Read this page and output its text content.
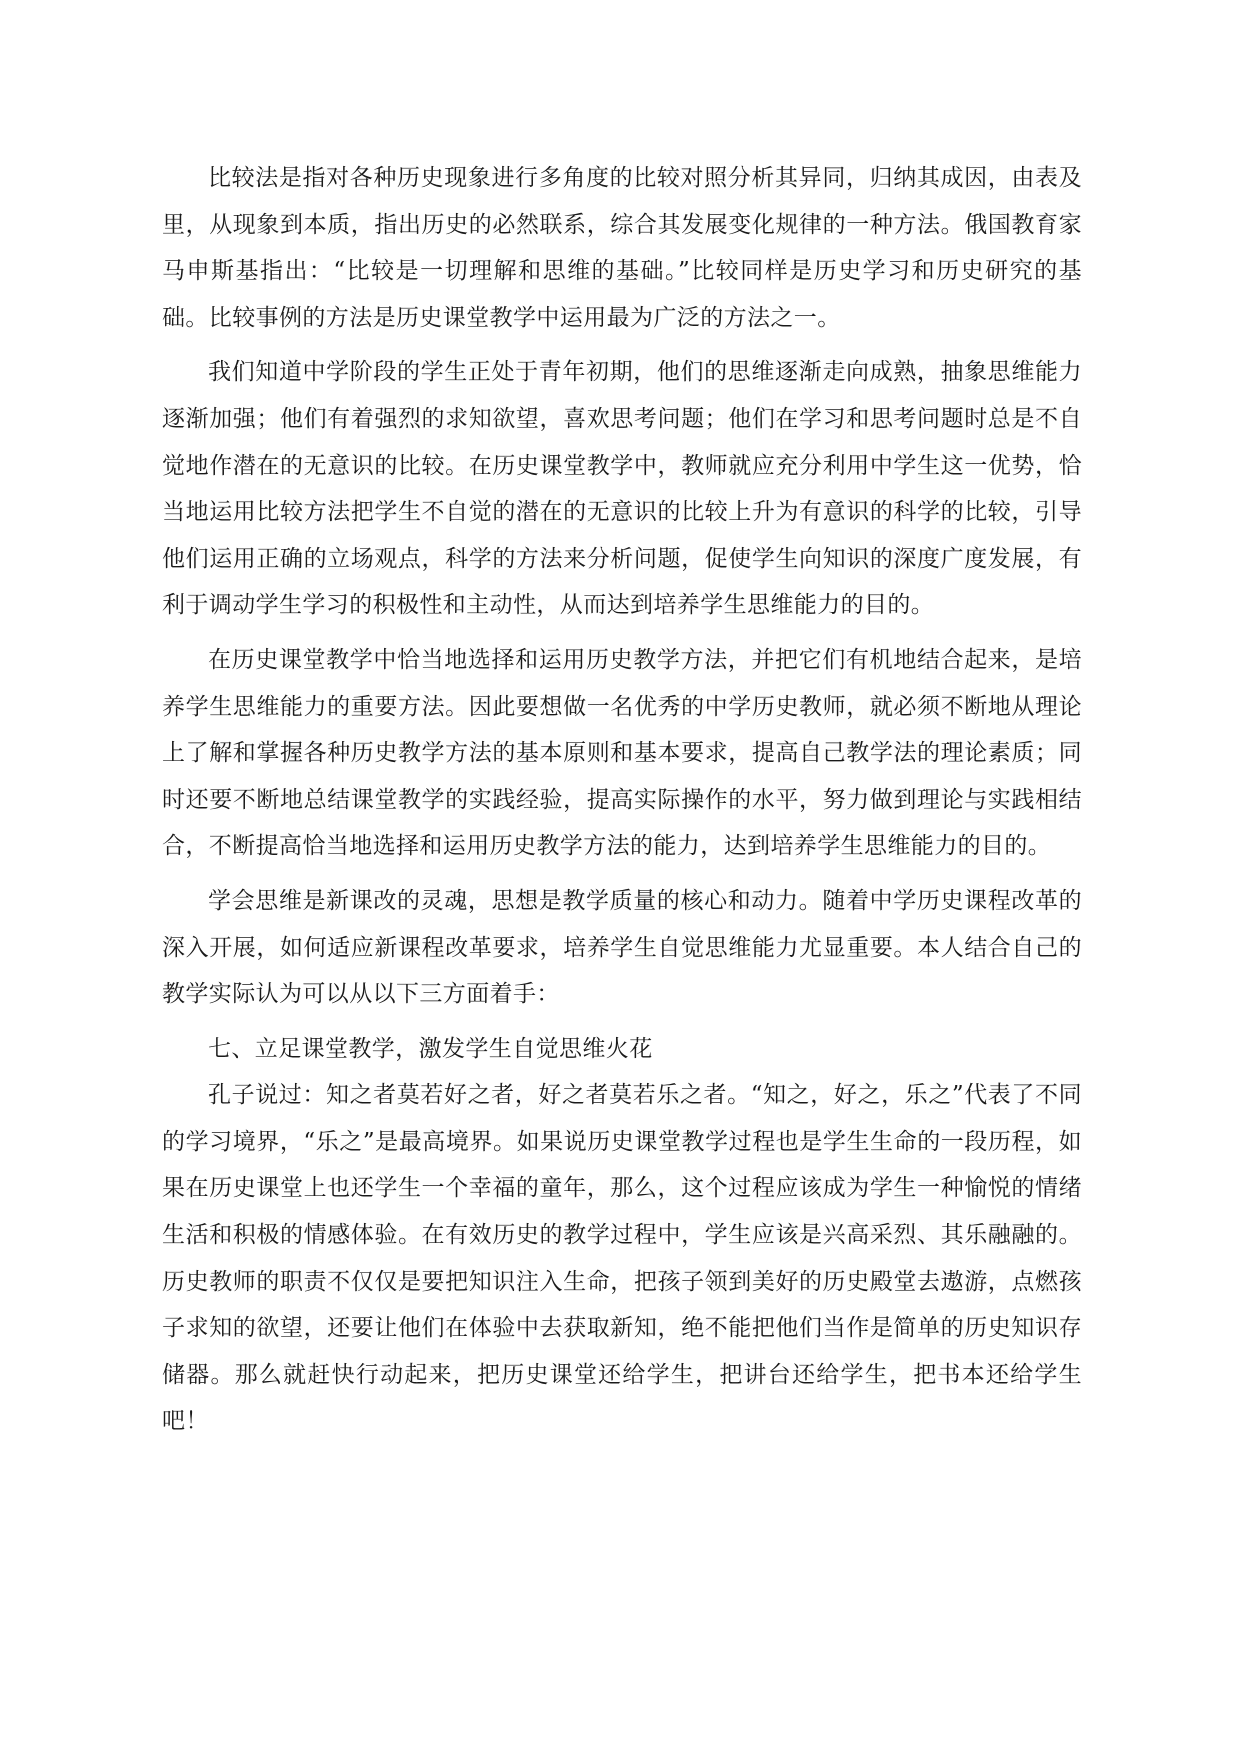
比较法是指对各种历史现象进行多角度的比较对照分析其异同，归纳其成因，由表及里，从现象到本质，指出历史的必然联系，综合其发展变化规律的一种方法。俄国教育家马申斯基指出：“比较是一切理解和思维的基础。”比较同样是历史学习和历史研究的基础。比较事例的方法是历史课堂教学中运用最为广泛的方法之一。

我们知道中学阶段的学生正处于青年初期，他们的思维逐渐走向成熟，抽象思维能力逐渐加强；他们有着强烈的求知欲望，喜欢思考问题；他们在学习和思考问题时总是不自觉地作潜在的无意识的比较。在历史课堂教学中，教师就应充分利用中学生这一优势，恰当地运用比较方法把学生不自觉的潜在的无意识的比较上升为有意识的科学的比较，引导他们运用正确的立场观点，科学的方法来分析问题，促使学生向知识的深度广度发展，有利于调动学生学习的积极性和主动性，从而达到培养学生思维能力的目的。

在历史课堂教学中恰当地选择和运用历史教学方法，并把它们有机地结合起来，是培养学生思维能力的重要方法。因此要想做一名优秀的中学历史教师，就必须不断地从理论上了解和掌握各种历史教学方法的基本原则和基本要求，提高自己教学法的理论素质；同时还要不断地总结课堂教学的实践经验，提高实际操作的水平，努力做到理论与实践相结合，不断提高恰当地选择和运用历史教学方法的能力，达到培养学生思维能力的目的。

学会思维是新课改的灵魂，思想是教学质量的核心和动力。随着中学历史课程改革的深入开展，如何适应新课程改革要求，培养学生自觉思维能力尤显重要。本人结合自己的教学实际认为可以从以下三方面着手：

七、立足课堂教学，激发学生自觉思维火花

孔子说过：知之者莫若好之者，好之者莫若乐之者。“知之，好之，乐之”代表了不同的学习境界，“乐之”是最高境界。如果说历史课堂教学过程也是学生生命的一段历程，如果在历史课堂上也还学生一个幸福的童年，那么，这个过程应该成为学生一种愉悦的情绪生活和积极的情感体验。在有效历史的教学过程中，学生应该是兴高采烈、其乐融融的。历史教师的职责不仅仅是要把知识注入生命，把孩子领到美好的历史殿堂去遨游，点燃孩子求知的欲望，还要让他们在体验中去获取新知，绝不能把他们当作是简单的历史知识存储器。那么就赶快行动起来，把历史课堂还给学生，把讲台还给学生，把书本还给学生吧！
